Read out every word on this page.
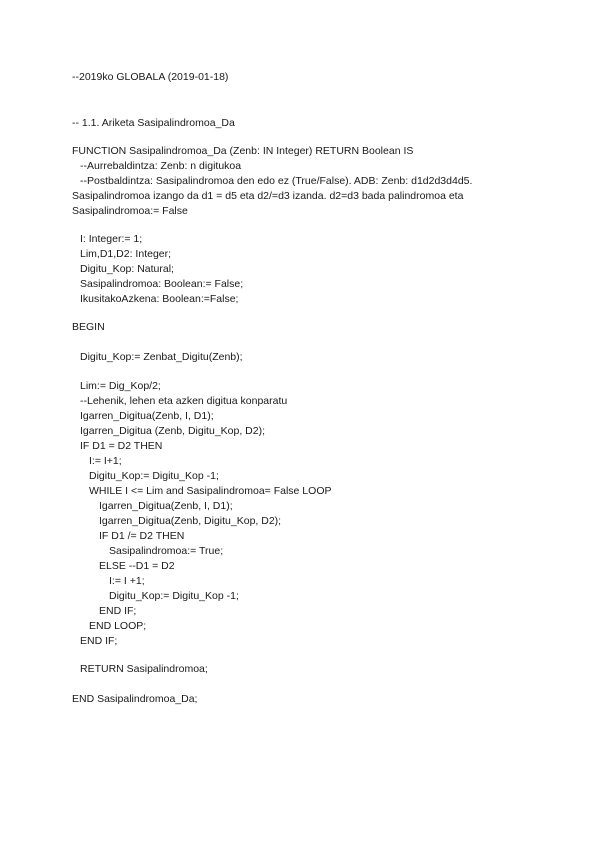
--2019ko GLOBALA (2019-01-18)
-- 1.1. Ariketa Sasipalindromoa_Da
FUNCTION Sasipalindromoa_Da (Zenb: IN Integer) RETURN Boolean IS
--Aurrebaldintza: Zenb: n digitukoa
--Postbaldintza: Sasipalindromoa den edo ez (True/False). ADB: Zenb: d1d2d3d4d5.
Sasipalindromoa izango da d1 = d5 eta d2/=d3 izanda. d2=d3 bada palindromoa eta
Sasipalindromoa:= False
I: Integer:= 1;
Lim,D1,D2: Integer;
Digitu_Kop: Natural;
Sasipalindromoa: Boolean:= False;
IkusitakoAzkena: Boolean:=False;
BEGIN
Digitu_Kop:= Zenbat_Digitu(Zenb);
Lim:= Dig_Kop/2;
--Lehenik, lehen eta azken digitua konparatu
Igarren_Digitua(Zenb, I, D1);
Igarren_Digitua (Zenb, Digitu_Kop, D2);
IF D1 = D2 THEN
I:= I+1;
Digitu_Kop:= Digitu_Kop -1;
WHILE I <= Lim and Sasipalindromoa= False LOOP
Igarren_Digitua(Zenb, I, D1);
Igarren_Digitua(Zenb, Digitu_Kop, D2);
IF D1 /= D2 THEN
Sasipalindromoa:= True;
ELSE --D1 = D2
I:= I +1;
Digitu_Kop:= Digitu_Kop -1;
END IF;
END LOOP;
END IF;
RETURN Sasipalindromoa;
END Sasipalindromoa_Da;
